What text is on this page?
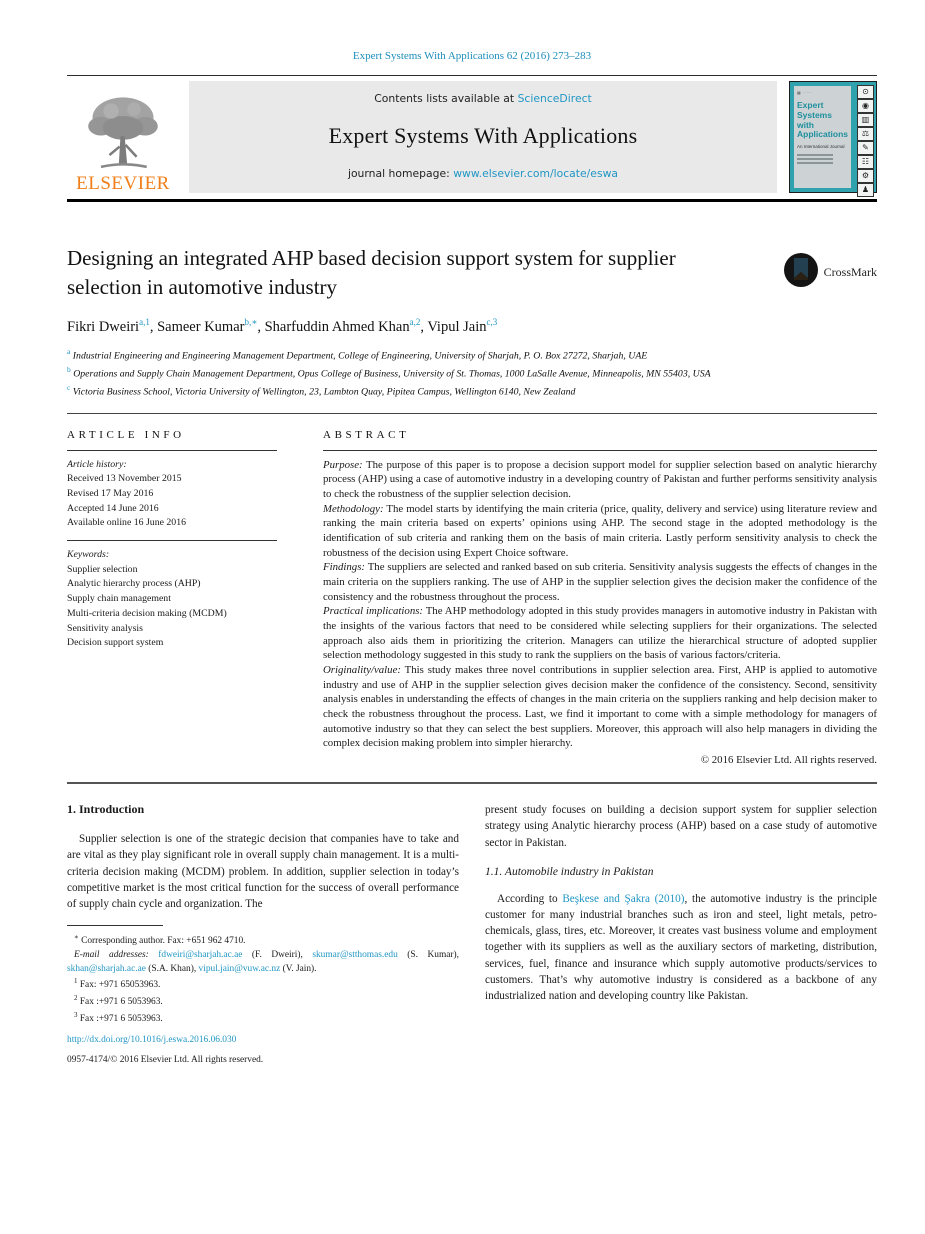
Expert Systems With Applications 62 (2016) 273–283
ELSEVIER
Contents lists available at ScienceDirect
Expert Systems With Applications
journal homepage: www.elsevier.com/locate/eswa
▦ ·····
Expert
Systems
with
Applications
An International Journal
⊙
◉
▥
⚖
✎
☷
⚙
♟
Designing an integrated AHP based decision support system for supplier selection in automotive industry
CrossMark
Fikri Dweiri$^{a,1}$, Sameer Kumar$^{b,∗}$, Sharfuddin Ahmed Khan$^{a,2}$, Vipul Jain$^{c,3}$
$^a$ Industrial Engineering and Engineering Management Department, College of Engineering, University of Sharjah, P. O. Box 27272, Sharjah, UAE
$^b$ Operations and Supply Chain Management Department, Opus College of Business, University of St. Thomas, 1000 LaSalle Avenue, Minneapolis, MN 55403, USA
$^c$ Victoria Business School, Victoria University of Wellington, 23, Lambton Quay, Pipitea Campus, Wellington 6140, New Zealand
ARTICLE INFO

Article history:

Received 13 November 2015

Revised 17 May 2016

Accepted 14 June 2016

Available online 16 June 2016

Keywords:

Supplier selection

Analytic hierarchy process (AHP)

Supply chain management

Multi-criteria decision making (MCDM)

Sensitivity analysis

Decision support system

ABSTRACT

Purpose: The purpose of this paper is to propose a decision support model for supplier selection based on analytic hierarchy process (AHP) using a case of automotive industry in a developing country of Pakistan and further performs sensitivity analysis to check the robustness of the supplier selection decision.

Methodology: The model starts by identifying the main criteria (price, quality, delivery and service) using literature review and ranking the main criteria based on experts’ opinions using AHP. The second stage in the adopted methodology is the identification of sub criteria and ranking them on the basis of main criteria. Lastly perform sensitivity analysis to check the robustness of the decision using Expert Choice software.

Findings: The suppliers are selected and ranked based on sub criteria. Sensitivity analysis suggests the effects of changes in the main criteria on the suppliers ranking. The use of AHP in the supplier selection gives the decision maker the confidence of the consistency and the robustness throughout the process.

Practical implications: The AHP methodology adopted in this study provides managers in automotive industry in Pakistan with the insights of the various factors that need to be considered while selecting suppliers for their organizations. The selected approach also aids them in prioritizing the criterion. Managers can utilize the hierarchical structure of adopted supplier selection methodology suggested in this study to rank the suppliers on the basis of various factors/criteria.

Originality/value: This study makes three novel contributions in supplier selection area. First, AHP is applied to automotive industry and use of AHP in the supplier selection gives decision maker the confidence of the consistency. Second, sensitivity analysis enables in understanding the effects of changes in the main criteria on the suppliers ranking and help decision maker to check the robustness throughout the process. Last, we find it important to come with a simple methodology for managers of automotive industry so that they can select the best suppliers. Moreover, this approach will also help managers in dividing the complex decision making problem into simpler hierarchy.

© 2016 Elsevier Ltd. All rights reserved.
1. Introduction

Supplier selection is one of the strategic decision that companies have to take and are vital as they play significant role in overall supply chain management. It is a multi-criteria decision making (MCDM) problem. In addition, supplier selection in today’s competitive market is the most critical function for the success of overall performance of supply chain cycle and organization. The

∗ Corresponding author. Fax: +651 962 4710.

E-mail addresses: fdweiri@sharjah.ac.ae (F. Dweiri), skumar@stthomas.edu (S. Kumar), skhan@sharjah.ac.ae (S.A. Khan), vipul.jain@vuw.ac.nz (V. Jain).

$^1$ Fax: +971 65053963.

$^2$ Fax :+971 6 5053963.

$^3$ Fax :+971 6 5053963.

http://dx.doi.org/10.1016/j.eswa.2016.06.030

0957-4174/© 2016 Elsevier Ltd. All rights reserved.

present study focuses on building a decision support system for supplier selection strategy using Analytic hierarchy process (AHP) based on a case study of automotive sector in Pakistan.

1.1. Automobile industry in Pakistan

According to Beşkese and Şakra (2010), the automotive industry is the principle customer for many industrial branches such as iron and steel, light metals, petro-chemicals, glass, tires, etc. Moreover, it creates vast business volume and employment together with its suppliers as well as the auxiliary sectors of marketing, distribution, services, fuel, finance and insurance which supply automotive products/services to customers. That’s why automotive industry is considered as a backbone of any industrialized nation and developing country like Pakistan.
